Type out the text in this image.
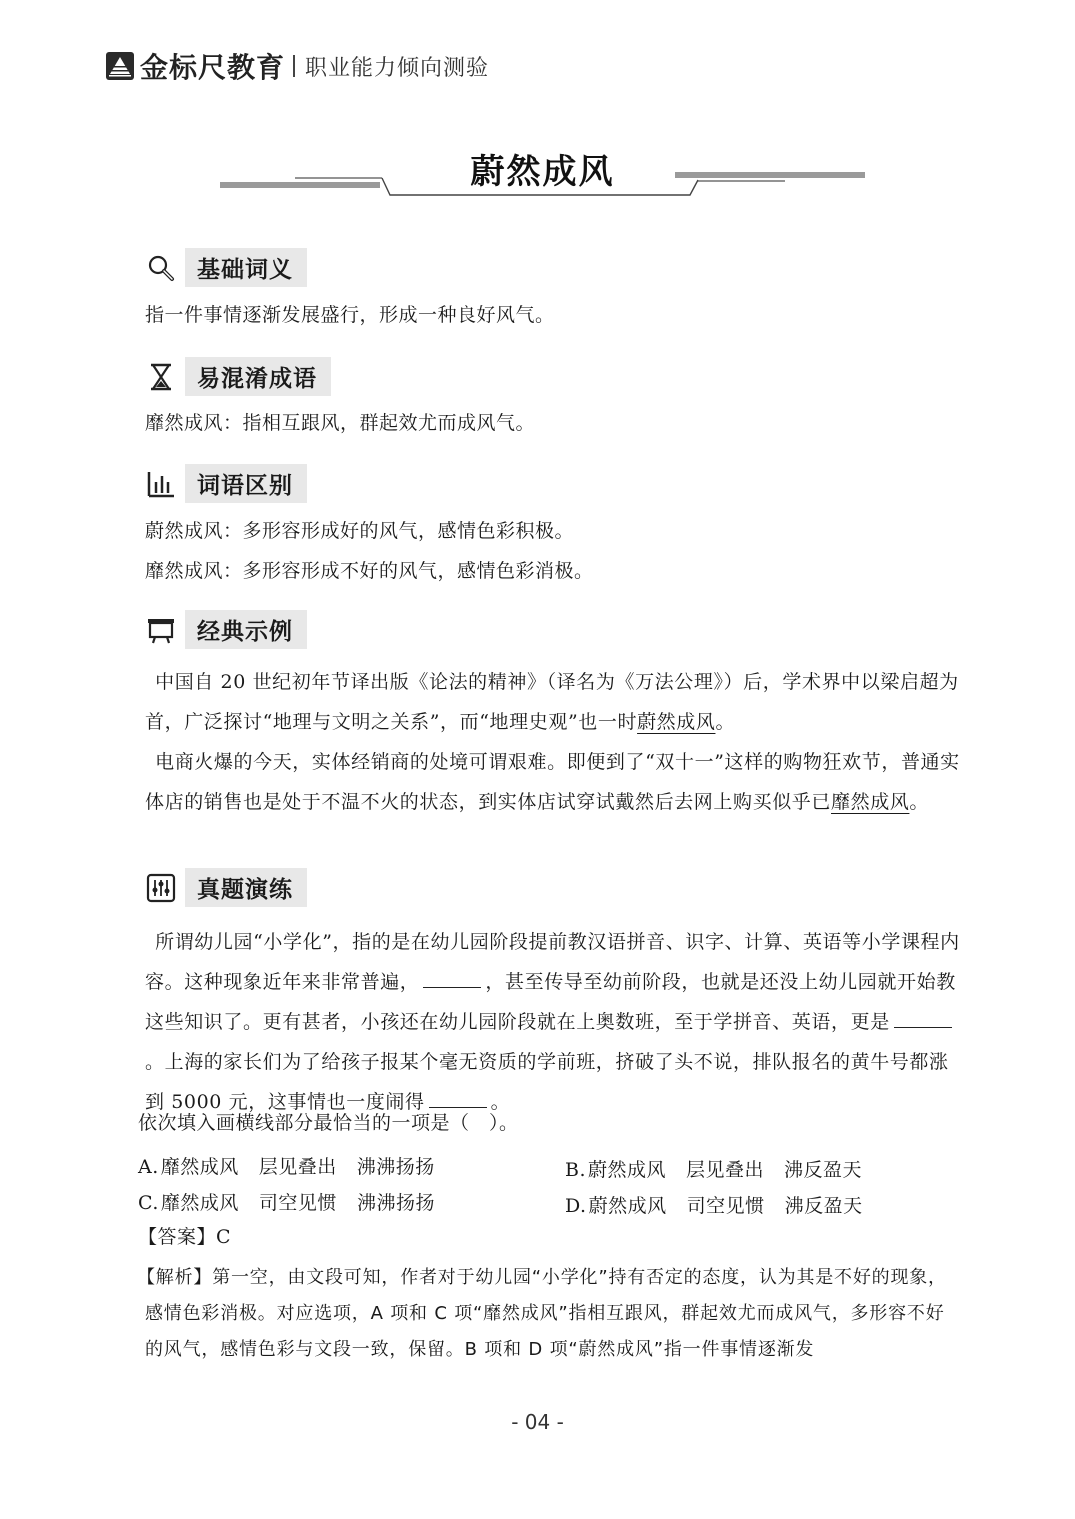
金标尺教育 职业能力倾向测验
蔚然成风
基础词义
指一件事情逐渐发展盛行，形成一种良好风气。
易混淆成语
靡然成风：指相互跟风，群起效尤而成风气。
词语区别
蔚然成风：多形容形成好的风气，感情色彩积极。
靡然成风：多形容形成不好的风气，感情色彩消极。
经典示例
 中国自 20 世纪初年节译出版《论法的精神》（译名为《万法公理》）后，学术界中以梁启超为首，广泛探讨“地理与文明之关系”，而“地理史观”也一时蔚然成风。
 电商火爆的今天，实体经销商的处境可谓艰难。即便到了“双十一”这样的购物狂欢节，普通实体店的销售也是处于不温不火的状态，到实体店试穿试戴然后去网上购买似乎已靡然成风。
真题演练
 所谓幼儿园“小学化”，指的是在幼儿园阶段提前教汉语拼音、识字、计算、英语等小学课程内容。这种现象近年来非常普遍，	，甚至传导至幼前阶段，也就是还没上幼儿园就开始教这些知识了。更有甚者，小孩还在幼儿园阶段就在上奥数班，至于学拼音、英语，更是。上海的家长们为了给孩子报某个毫无资质的学前班，挤破了头不说，排队报名的黄牛号都涨到 5000 元，这事情也一度闹得	。
依次填入画横线部分最恰当的一项是（　）。
A. 靡然成风 层见叠出 沸沸扬扬	B. 蔚然成风 层见叠出 沸反盈天
C. 靡然成风 司空见惯 沸沸扬扬	D. 蔚然成风 司空见惯 沸反盈天
【答案】C
【解析】第一空，由文段可知，作者对于幼儿园“小学化”持有否定的态度，认为其是不好的现象，感情色彩消极。对应选项，A 项和 C 项“靡然成风”指相互跟风，群起效尤而成风气，多形容不好的风气，感情色彩与文段一致，保留。B 项和 D 项“蔚然成风”指一件事情逐渐发
- 04 -
